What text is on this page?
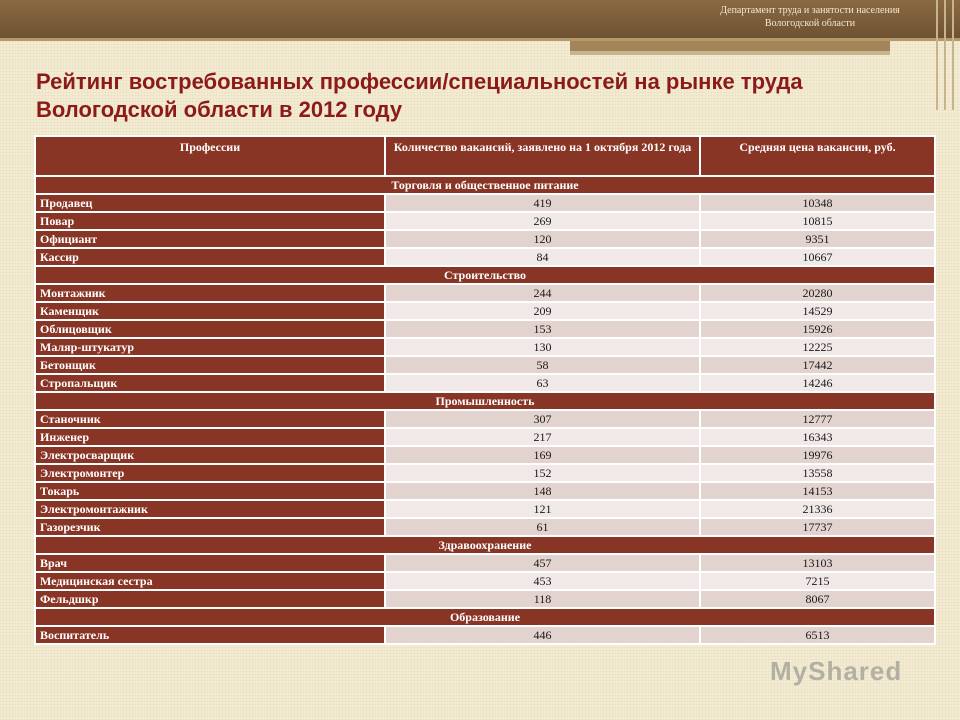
Департамент труда и занятости населения
Вологодской области
Рейтинг востребованных профессии/специальностей на рынке труда Вологодской области в 2012 году
Профессии	Количество вакансий, заявлено на 1 октября 2012 года	Средняя цена вакансии, руб.
Торговля и общественное питание		
Продавец	419	10348
Повар	269	10815
Официант	120	9351
Кассир	84	10667
Строительство		
Монтажник	244	20280
Каменщик	209	14529
Облицовщик	153	15926
Маляр-штукатур	130	12225
Бетонщик	58	17442
Стропальщик	63	14246
Промышленность		
Станочник	307	12777
Инженер	217	16343
Электросварщик	169	19976
Электромонтер	152	13558
Токарь	148	14153
Электромонтажник	121	21336
Газорезчик	61	17737
Здравоохранение		
Врач	457	13103
Медицинская сестра	453	7215
Фельдшкр	118	8067
Образование		
Воспитатель	446	6513
MyShared
